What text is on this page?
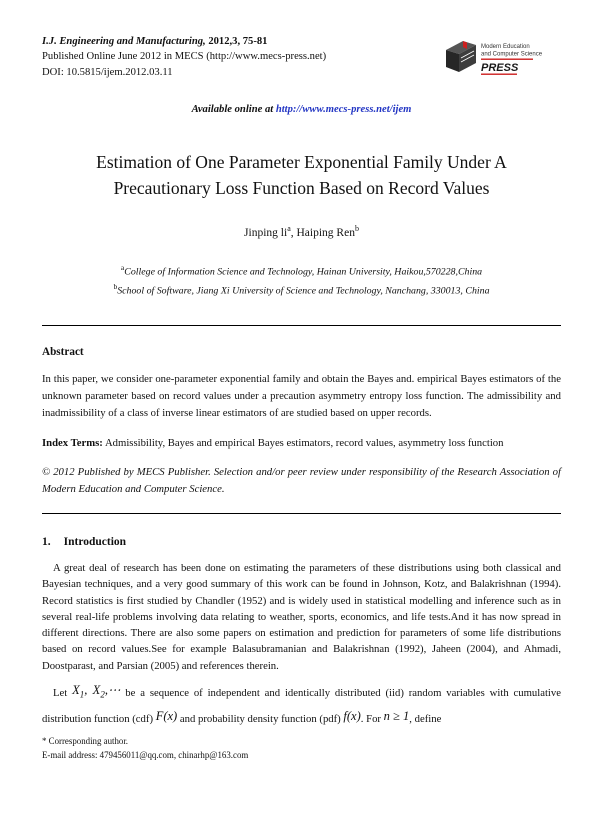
I.J. Engineering and Manufacturing, 2012,3, 75-81
Published Online June 2012 in MECS (http://www.mecs-press.net)
DOI: 10.5815/ijem.2012.03.11
Modern Education
and Computer Science
PRESS
Available online at http://www.mecs-press.net/ijem
Estimation of One Parameter Exponential Family Under A Precautionary Loss Function Based on Record Values
Jinping $li^a$, Haiping Ren$^b$
$^a$College of Information Science and Technology, Hainan University, Haikou,570228,China
$^b$School of Software, Jiang Xi University of Science and Technology, Nanchang, 330013, China
Abstract

In this paper, we consider one-parameter exponential family and obtain the Bayes and. empirical Bayes estimators of the unknown parameter based on record values under a precaution asymmetry entropy loss function. The admissibility and inadmissibility of a class of inverse linear estimators of are studied based on upper records.

Index Terms: Admissibility, Bayes and empirical Bayes estimators, record values, asymmetry loss function

© 2012 Published by MECS Publisher. Selection and/or peer review under responsibility of the Research Association of Modern Education and Computer Science.

1. Introduction

A great deal of research has been done on estimating the parameters of these distributions using both classical and Bayesian techniques, and a very good summary of this work can be found in Johnson, Kotz, and Balakrishnan (1994). Record statistics is first studied by Chandler (1952) and is widely used in statistical modelling and inference such as in several real-life problems involving data relating to weather, sports, economics, and life tests.And it has now spread in different directions. There are also some papers on estimation and prediction for parameters of some life distributions based on record values.See for example Balasubramanian and Balakrishnan (1992), Jaheen (2004), and Ahmadi, Doostparast, and Parsian (2005) and references therein.

Let $X_1$, $X_2,\cdots$ be a sequence of independent and identically distributed (iid) random variables with cumulative distribution function (cdf) F(x) and probability density function (pdf) f(x). For n ≥ 1, define

* Corresponding author.
E-mail address: 479456011@qq.com, chinarhp@163.com
